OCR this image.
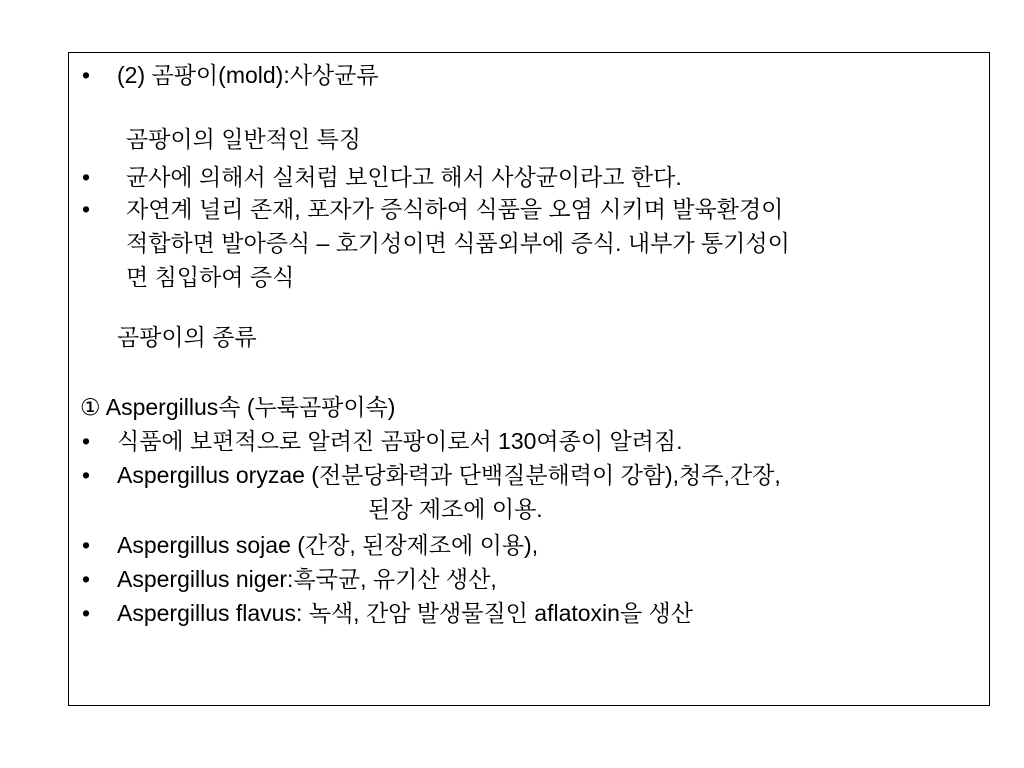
• (2) 곰팡이(mold):사상균류
곰팡이의 일반적인 특징
• 균사에 의해서 실처럼 보인다고 해서 사상균이라고 한다.
• 자연계 널리 존재, 포자가 증식하여 식품을 오염 시키며 발육환경이
적합하면 발아증식 – 호기성이면 식품외부에 증식. 내부가 통기성이
면 침입하여 증식
곰팡이의 종류
① Aspergillus속 (누룩곰팡이속)
• 식품에 보편적으로 알려진 곰팡이로서 130여종이 알려짐.
• Aspergillus oryzae (전분당화력과 단백질분해력이 강함),청주,간장,
된장 제조에 이용.
• Aspergillus sojae (간장, 된장제조에 이용),
• Aspergillus niger:흑국균, 유기산 생산,
• Aspergillus flavus: 녹색, 간암 발생물질인 aflatoxin을 생산
